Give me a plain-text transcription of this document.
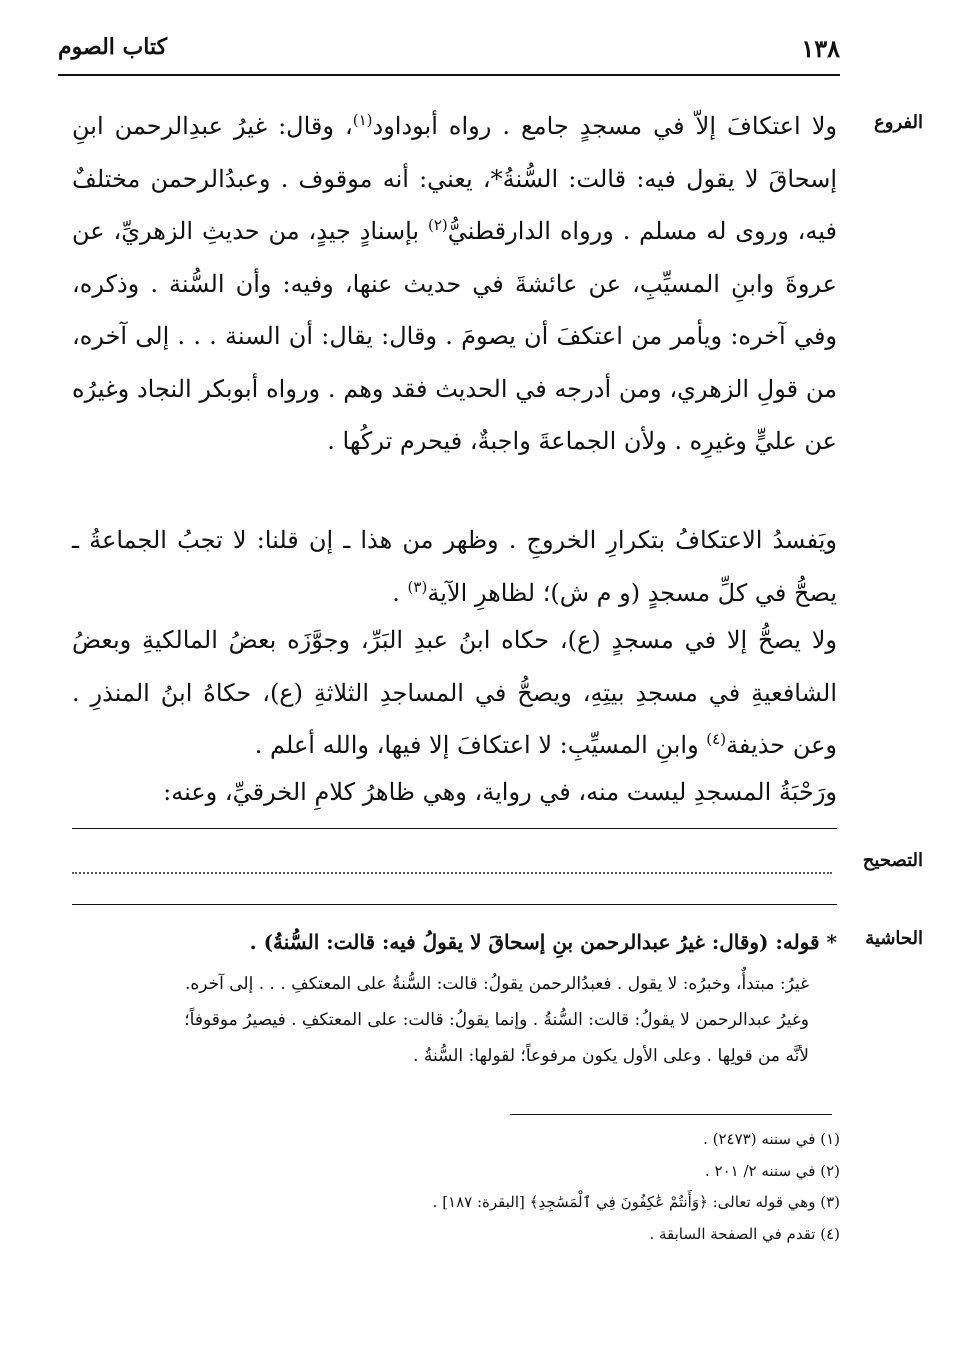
١٣٨
كتاب الصوم
الفروع
التصحيح
الحاشية

ولا اعتكافَ إلاّ في مسجدٍ جامع . رواه أبوداود$^{(١)}$، وقال: غيرُ عبدِالرحمن ابنِ إسحاقَ لا يقول فيه: قالت: السُّنةُ*، يعني: أنه موقوف . وعبدُالرحمن مختلفٌ فيه، وروى له مسلم . ورواه الدارقطنيُّ$^{(٢)}$ بإسنادٍ جيدٍ، من حديثِ الزهريِّ، عن عروةَ وابنِ المسيِّبِ، عن عائشةَ في حديث عنها، وفيه: وأن السُّنة . وذكره، وفي آخره: ويأمر من اعتكفَ أن يصومَ . وقال: يقال: أن السنة . . . إلى آخره، من قولِ الزهري، ومن أدرجه في الحديث فقد وهم . ورواه أبوبكر النجاد وغيرُه عن عليٍّ وغيرِه . ولأن الجماعةَ واجبةٌ، فيحرم تركُها .

ويَفسدُ الاعتكافُ بتكرارِ الخروجِ . وظهر من هذا ـ إن قلنا: لا تجبُ الجماعةُ ـ يصحُّ في كلِّ مسجدٍ (و م ش)؛ لظاهرِ الآية$^{(٣)}$ .

ولا يصحُّ إلا في مسجدٍ (ع)، حكاه ابنُ عبدِ البَرِّ، وجوَّزَه بعضُ المالكيةِ وبعضُ الشافعيةِ في مسجدِ بيتِهِ، ويصحُّ في المساجدِ الثلاثةِ (ع)، حكاهُ ابنُ المنذرِ . وعن حذيفة$^{(٤)}$ وابنِ المسيِّبِ: لا اعتكافَ إلا فيها، والله أعلم .

ورَحْبَةُ المسجدِ ليست منه، في رواية، وهي ظاهرُ كلامِ الخرقيِّ، وعنه:

* قوله: (وقال: غيرُ عبدالرحمن بنِ إسحاقَ لا يقولُ فيه: قالت: السُّنةُ) .

غيرُ: مبتدأٌ، وخبرُه: لا يقول . فعبدُالرحمن يقولُ: قالت: السُّنةُ على المعتكفِ . . . إلى آخره.

وغيرُ عبدالرحمن لا يقولُ: قالت: السُّنةُ . وإنما يقولُ: قالت: على المعتكفِ . فيصيرُ موقوفاً؛

لأنَّه من قولِها . وعلى الأول يكون مرفوعاً؛ لقولها: السُّنةُ .

(١) في سننه (٢٤٧٣) .
(٢) في سننه ٢/ ٢٠١ .
(٣) وهي قوله تعالى: ﴿وَأَنتُمْ عَٰكِفُونَ فِي ٱلْمَسَٰجِدِ﴾ [البقرة: ١٨٧] .
(٤) تقدم في الصفحة السابقة .
